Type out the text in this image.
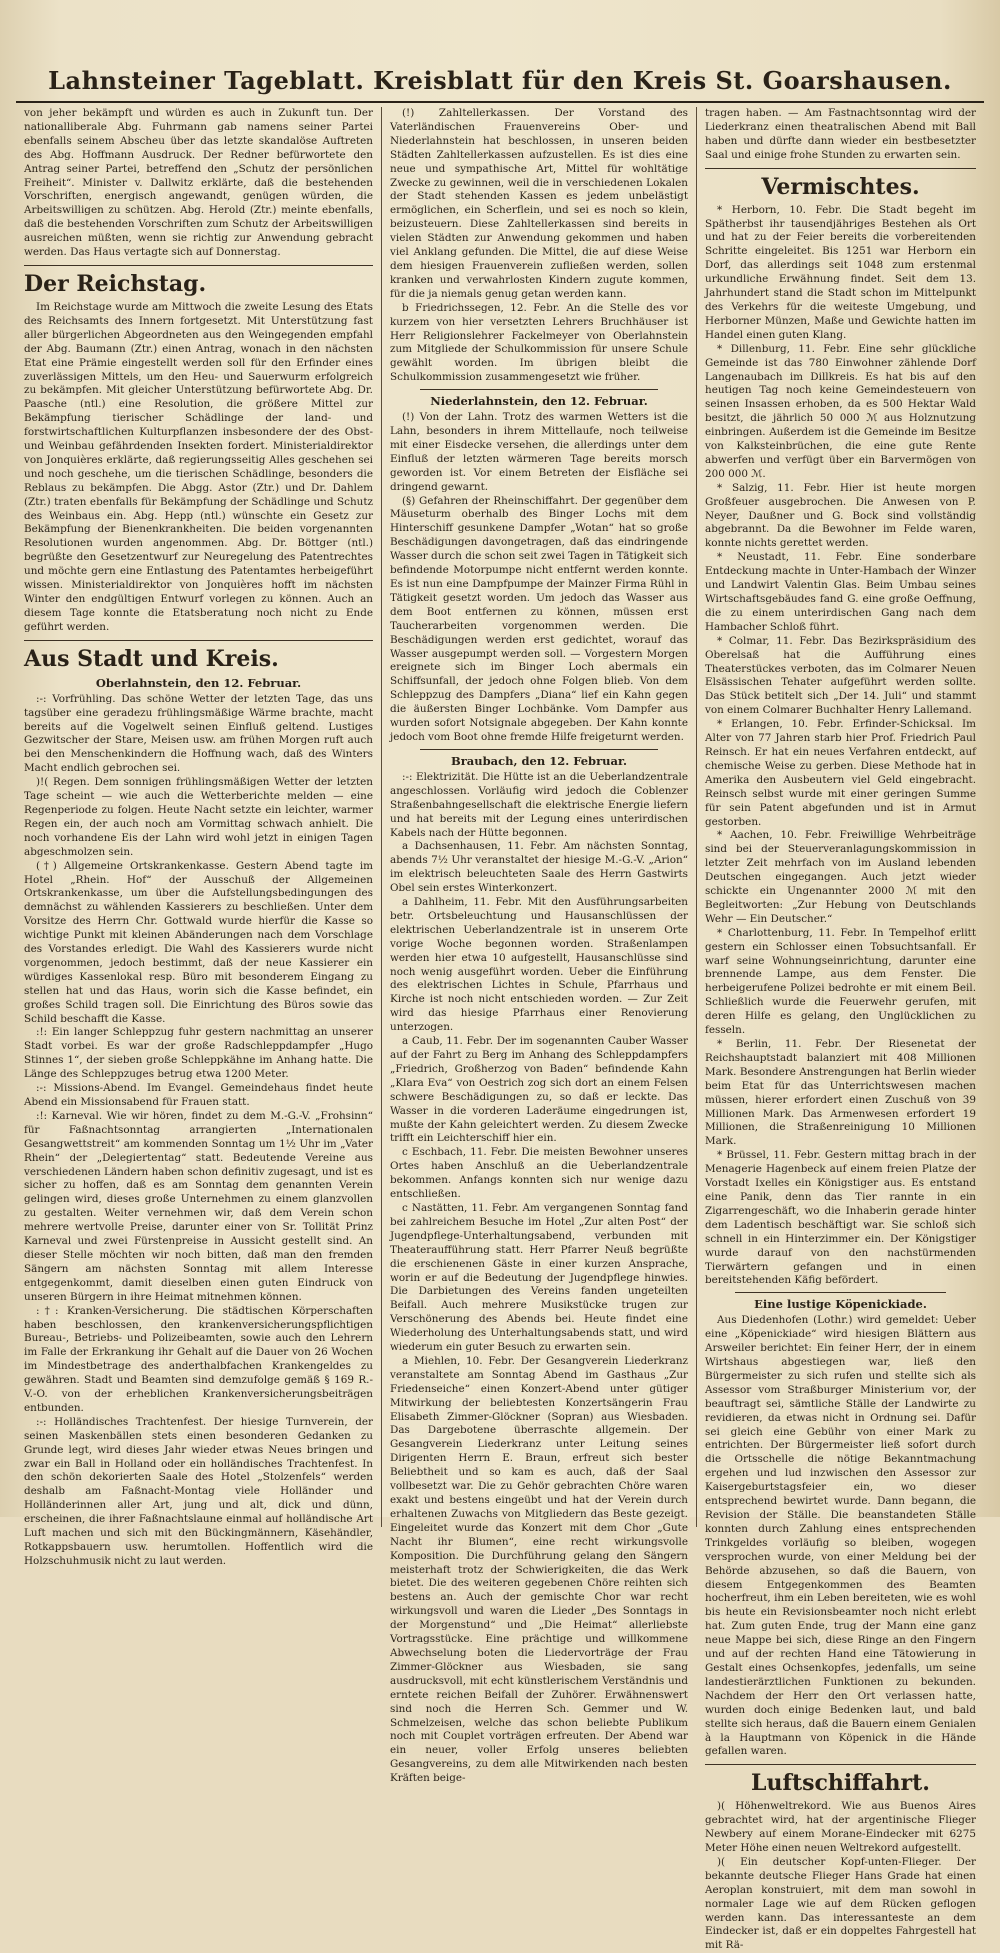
Lahnsteiner Tageblatt. Kreisblatt für den Kreis St. Goarshausen.

von jeher bekämpft und würden es auch in Zukunft tun. Der nationalliberale Abg. Fuhrmann gab namens seiner Partei ebenfalls seinem Abscheu über das letzte skandalöse Auftreten des Abg. Hoffmann Ausdruck. Der Redner befürwortete den Antrag seiner Partei, betreffend den „Schutz der persönlichen Freiheit“. Minister v. Dallwitz erklärte, daß die bestehenden Vorschriften, energisch angewandt, genügen würden, die Arbeitswilligen zu schützen. Abg. Herold (Ztr.) meinte ebenfalls, daß die bestehenden Vorschriften zum Schutz der Arbeitswilligen ausreichen müßten, wenn sie richtig zur Anwendung gebracht werden. Das Haus vertagte sich auf Donnerstag.

Der Reichstag.

Im Reichstage wurde am Mittwoch die zweite Lesung des Etats des Reichsamts des Innern fortgesetzt. Mit Unterstützung fast aller bürgerlichen Abgeordneten aus den Weingegenden empfahl der Abg. Baumann (Ztr.) einen Antrag, wonach in den nächsten Etat eine Prämie eingestellt werden soll für den Erfinder eines zuverlässigen Mittels, um den Heu- und Sauerwurm erfolgreich zu bekämpfen. Mit gleicher Unterstützung befürwortete Abg. Dr. Paasche (ntl.) eine Resolution, die größere Mittel zur Bekämpfung tierischer Schädlinge der land- und forstwirtschaftlichen Kulturpflanzen insbesondere der des Obst- und Weinbau gefährdenden Insekten fordert. Ministerialdirektor von Jonquières erklärte, daß regierungsseitig Alles geschehen sei und noch geschehe, um die tierischen Schädlinge, besonders die Reblaus zu bekämpfen. Die Abgg. Astor (Ztr.) und Dr. Dahlem (Ztr.) traten ebenfalls für Bekämpfung der Schädlinge und Schutz des Weinbaus ein. Abg. Hepp (ntl.) wünschte ein Gesetz zur Bekämpfung der Bienenkrankheiten. Die beiden vorgenannten Resolutionen wurden angenommen. Abg. Dr. Böttger (ntl.) begrüßte den Gesetzentwurf zur Neuregelung des Patentrechtes und möchte gern eine Entlastung des Patentamtes herbeigeführt wissen. Ministerialdirektor von Jonquières hofft im nächsten Winter den endgültigen Entwurf vorlegen zu können. Auch an diesem Tage konnte die Etatsberatung noch nicht zu Ende geführt werden.

Aus Stadt und Kreis.
Oberlahnstein, den 12. Februar.

:-: Vorfrühling. Das schöne Wetter der letzten Tage, das uns tagsüber eine geradezu frühlingsmäßige Wärme brachte, macht bereits auf die Vogelwelt seinen Einfluß geltend. Lustiges Gezwitscher der Stare, Meisen usw. am frühen Morgen ruft auch bei den Menschenkindern die Hoffnung wach, daß des Winters Macht endlich gebrochen sei.

)!( Regen. Dem sonnigen frühlingsmäßigen Wetter der letzten Tage scheint — wie auch die Wetterberichte melden — eine Regenperiode zu folgen. Heute Nacht setzte ein leichter, warmer Regen ein, der auch noch am Vormittag schwach anhielt. Die noch vorhandene Eis der Lahn wird wohl jetzt in einigen Tagen abgeschmolzen sein.

(†) Allgemeine Ortskrankenkasse. Gestern Abend tagte im Hotel „Rhein. Hof“ der Ausschuß der Allgemeinen Ortskrankenkasse, um über die Aufstellungsbedingungen des demnächst zu wählenden Kassierers zu beschließen. Unter dem Vorsitze des Herrn Chr. Gottwald wurde hierfür die Kasse so wichtige Punkt mit kleinen Abänderungen nach dem Vorschlage des Vorstandes erledigt. Die Wahl des Kassierers wurde nicht vorgenommen, jedoch bestimmt, daß der neue Kassierer ein würdiges Kassenlokal resp. Büro mit besonderem Eingang zu stellen hat und das Haus, worin sich die Kasse befindet, ein großes Schild tragen soll. Die Einrichtung des Büros sowie das Schild beschafft die Kasse.

:!: Ein langer Schleppzug fuhr gestern nachmittag an unserer Stadt vorbei. Es war der große Radschleppdampfer „Hugo Stinnes 1“, der sieben große Schleppkähne im Anhang hatte. Die Länge des Schleppzuges betrug etwa 1200 Meter.

:-: Missions-Abend. Im Evangel. Gemeindehaus findet heute Abend ein Missionsabend für Frauen statt.

:!: Karneval. Wie wir hören, findet zu dem M.-G.-V. „Frohsinn“ für Faßnachtsonntag arrangierten „Internationalen Gesangwettstreit“ am kommenden Sonntag um 1½ Uhr im „Vater Rhein“ der „Delegiertentag“ statt. Bedeutende Vereine aus verschiedenen Ländern haben schon definitiv zugesagt, und ist es sicher zu hoffen, daß es am Sonntag dem genannten Verein gelingen wird, dieses große Unternehmen zu einem glanzvollen zu gestalten. Weiter vernehmen wir, daß dem Verein schon mehrere wertvolle Preise, darunter einer von Sr. Tollität Prinz Karneval und zwei Fürstenpreise in Aussicht gestellt sind. An dieser Stelle möchten wir noch bitten, daß man den fremden Sängern am nächsten Sonntag mit allem Interesse entgegenkommt, damit dieselben einen guten Eindruck von unseren Bürgern in ihre Heimat mitnehmen können.

:†: Kranken-Versicherung. Die städtischen Körperschaften haben beschlossen, den krankenversicherungspflichtigen Bureau-, Betriebs- und Polizeibeamten, sowie auch den Lehrern im Falle der Erkrankung ihr Gehalt auf die Dauer von 26 Wochen im Mindestbetrage des anderthalbfachen Krankengeldes zu gewähren. Stadt und Beamten sind demzufolge gemäß § 169 R.-V.-O. von der erheblichen Krankenversicherungsbeiträgen entbunden.

:-: Holländisches Trachtenfest. Der hiesige Turnverein, der seinen Maskenbällen stets einen besonderen Gedanken zu Grunde legt, wird dieses Jahr wieder etwas Neues bringen und zwar ein Ball in Holland oder ein holländisches Trachtenfest. In den schön dekorierten Saale des Hotel „Stolzenfels“ werden deshalb am Faßnacht-Montag viele Holländer und Holländerinnen aller Art, jung und alt, dick und dünn, erscheinen, die ihrer Faßnachtslaune einmal auf holländische Art Luft machen und sich mit den Bückingmännern, Käsehändler, Rotkappsbauern usw. herumtollen. Hoffentlich wird die Holzschuhmusik nicht zu laut werden.

(!) Zahltellerkassen. Der Vorstand des Vaterländischen Frauenvereins Ober- und Niederlahnstein hat beschlossen, in unseren beiden Städten Zahltellerkassen aufzustellen. Es ist dies eine neue und sympathische Art, Mittel für wohltätige Zwecke zu gewinnen, weil die in verschiedenen Lokalen der Stadt stehenden Kassen es jedem unbelästigt ermöglichen, ein Scherflein, und sei es noch so klein, beizusteuern. Diese Zahltellerkassen sind bereits in vielen Städten zur Anwendung gekommen und haben viel Anklang gefunden. Die Mittel, die auf diese Weise dem hiesigen Frauenverein zufließen werden, sollen kranken und verwahrlosten Kindern zugute kommen, für die ja niemals genug getan werden kann.

b Friedrichssegen, 12. Febr. An die Stelle des vor kurzem von hier versetzten Lehrers Bruchhäuser ist Herr Religionslehrer Fackelmeyer von Oberlahnstein zum Mitgliede der Schulkommission für unsere Schule gewählt worden. Im übrigen bleibt die Schulkommission zusammengesetzt wie früher.

Niederlahnstein, den 12. Februar.

(!) Von der Lahn. Trotz des warmen Wetters ist die Lahn, besonders in ihrem Mittellaufe, noch teilweise mit einer Eisdecke versehen, die allerdings unter dem Einfluß der letzten wärmeren Tage bereits morsch geworden ist. Vor einem Betreten der Eisfläche sei dringend gewarnt.

(§) Gefahren der Rheinschiffahrt. Der gegenüber dem Mäuseturm oberhalb des Binger Lochs mit dem Hinterschiff gesunkene Dampfer „Wotan“ hat so große Beschädigungen davongetragen, daß das eindringende Wasser durch die schon seit zwei Tagen in Tätigkeit sich befindende Motorpumpe nicht entfernt werden konnte. Es ist nun eine Dampfpumpe der Mainzer Firma Rühl in Tätigkeit gesetzt worden. Um jedoch das Wasser aus dem Boot entfernen zu können, müssen erst Taucherarbeiten vorgenommen werden. Die Beschädigungen werden erst gedichtet, worauf das Wasser ausgepumpt werden soll. — Vorgestern Morgen ereignete sich im Binger Loch abermals ein Schiffsunfall, der jedoch ohne Folgen blieb. Von dem Schleppzug des Dampfers „Diana“ lief ein Kahn gegen die äußersten Binger Lochbänke. Vom Dampfer aus wurden sofort Notsignale abgegeben. Der Kahn konnte jedoch vom Boot ohne fremde Hilfe freigeturnt werden.

Braubach, den 12. Februar.

:-: Elektrizität. Die Hütte ist an die Ueberlandzentrale angeschlossen. Vorläufig wird jedoch die Coblenzer Straßenbahngesellschaft die elektrische Energie liefern und hat bereits mit der Legung eines unterirdischen Kabels nach der Hütte begonnen.

a Dachsenhausen, 11. Febr. Am nächsten Sonntag, abends 7½ Uhr veranstaltet der hiesige M.-G.-V. „Arion“ im elektrisch beleuchteten Saale des Herrn Gastwirts Obel sein erstes Winterkonzert.

a Dahlheim, 11. Febr. Mit den Ausführungsarbeiten betr. Ortsbeleuchtung und Hausanschlüssen der elektrischen Ueberlandzentrale ist in unserem Orte vorige Woche begonnen worden. Straßenlampen werden hier etwa 10 aufgestellt, Hausanschlüsse sind noch wenig ausgeführt worden. Ueber die Einführung des elektrischen Lichtes in Schule, Pfarrhaus und Kirche ist noch nicht entschieden worden. — Zur Zeit wird das hiesige Pfarrhaus einer Renovierung unterzogen.

a Caub, 11. Febr. Der im sogenannten Cauber Wasser auf der Fahrt zu Berg im Anhang des Schleppdampfers „Friedrich, Großherzog von Baden“ befindende Kahn „Klara Eva“ von Oestrich zog sich dort an einem Felsen schwere Beschädigungen zu, so daß er leckte. Das Wasser in die vorderen Laderäume eingedrungen ist, mußte der Kahn geleichtert werden. Zu diesem Zwecke trifft ein Leichterschiff hier ein.

c Eschbach, 11. Febr. Die meisten Bewohner unseres Ortes haben Anschluß an die Ueberlandzentrale bekommen. Anfangs konnten sich nur wenige dazu entschließen.

c Nastätten, 11. Febr. Am vergangenen Sonntag fand bei zahlreichem Besuche im Hotel „Zur alten Post“ der Jugendpflege-Unterhaltungsabend, verbunden mit Theateraufführung statt. Herr Pfarrer Neuß begrüßte die erschienenen Gäste in einer kurzen Ansprache, worin er auf die Bedeutung der Jugendpflege hinwies. Die Darbietungen des Vereins fanden ungeteilten Beifall. Auch mehrere Musikstücke trugen zur Verschönerung des Abends bei. Heute findet eine Wiederholung des Unterhaltungsabends statt, und wird wiederum ein guter Besuch zu erwarten sein.

a Miehlen, 10. Febr. Der Gesangverein Liederkranz veranstaltete am Sonntag Abend im Gasthaus „Zur Friedenseiche“ einen Konzert-Abend unter gütiger Mitwirkung der beliebtesten Konzertsängerin Frau Elisabeth Zimmer-Glöckner (Sopran) aus Wiesbaden. Das Dargebotene überraschte allgemein. Der Gesangverein Liederkranz unter Leitung seines Dirigenten Herrn E. Braun, erfreut sich bester Beliebtheit und so kam es auch, daß der Saal vollbesetzt war. Die zu Gehör gebrachten Chöre waren exakt und bestens eingeübt und hat der Verein durch erhaltenen Zuwachs von Mitgliedern das Beste gezeigt. Eingeleitet wurde das Konzert mit dem Chor „Gute Nacht ihr Blumen“, eine recht wirkungsvolle Komposition. Die Durchführung gelang den Sängern meisterhaft trotz der Schwierigkeiten, die das Werk bietet. Die des weiteren gegebenen Chöre reihten sich bestens an. Auch der gemischte Chor war recht wirkungsvoll und waren die Lieder „Des Sonntags in der Morgenstund“ und „Die Heimat“ allerliebste Vortragsstücke. Eine prächtige und willkommene Abwechselung boten die Liedervorträge der Frau Zimmer-Glöckner aus Wiesbaden, sie sang ausdrucksvoll, mit echt künstlerischem Verständnis und erntete reichen Beifall der Zuhörer. Erwähnenswert sind noch die Herren Sch. Gemmer und W. Schmelzeisen, welche das schon beliebte Publikum noch mit Couplet vorträgen erfreuten. Der Abend war ein neuer, voller Erfolg unseres beliebten Gesangvereins, zu dem alle Mitwirkenden nach besten Kräften beige-

tragen haben. — Am Fastnachtsonntag wird der Liederkranz einen theatralischen Abend mit Ball haben und dürfte dann wieder ein bestbesetzter Saal und einige frohe Stunden zu erwarten sein.

Vermischtes.

* Herborn, 10. Febr. Die Stadt begeht im Spätherbst ihr tausendjähriges Bestehen als Ort und hat zu der Feier bereits die vorbereitenden Schritte eingeleitet. Bis 1251 war Herborn ein Dorf, das allerdings seit 1048 zum erstenmal urkundliche Erwähnung findet. Seit dem 13. Jahrhundert stand die Stadt schon im Mittelpunkt des Verkehrs für die weiteste Umgebung, und Herborner Münzen, Maße und Gewichte hatten im Handel einen guten Klang.

* Dillenburg, 11. Febr. Eine sehr glückliche Gemeinde ist das 780 Einwohner zählende Dorf Langenaubach im Dillkreis. Es hat bis auf den heutigen Tag noch keine Gemeindesteuern von seinen Insassen erhoben, da es 500 Hektar Wald besitzt, die jährlich 50 000 ℳ aus Holznutzung einbringen. Außerdem ist die Gemeinde im Besitze von Kalksteinbrüchen, die eine gute Rente abwerfen und verfügt über ein Barvermögen von 200 000 ℳ.

* Salzig, 11. Febr. Hier ist heute morgen Großfeuer ausgebrochen. Die Anwesen von P. Neyer, Daußner und G. Bock sind vollständig abgebrannt. Da die Bewohner im Felde waren, konnte nichts gerettet werden.

* Neustadt, 11. Febr. Eine sonderbare Entdeckung machte in Unter-Hambach der Winzer und Landwirt Valentin Glas. Beim Umbau seines Wirtschaftsgebäudes fand G. eine große Oeffnung, die zu einem unterirdischen Gang nach dem Hambacher Schloß führt.

* Colmar, 11. Febr. Das Bezirkspräsidium des Oberelsaß hat die Aufführung eines Theaterstückes verboten, das im Colmarer Neuen Elsässischen Tehater aufgeführt werden sollte. Das Stück betitelt sich „Der 14. Juli“ und stammt von einem Colmarer Buchhalter Henry Lallemand.

* Erlangen, 10. Febr. Erfinder-Schicksal. Im Alter von 77 Jahren starb hier Prof. Friedrich Paul Reinsch. Er hat ein neues Verfahren entdeckt, auf chemische Weise zu gerben. Diese Methode hat in Amerika den Ausbeutern viel Geld eingebracht. Reinsch selbst wurde mit einer geringen Summe für sein Patent abgefunden und ist in Armut gestorben.

* Aachen, 10. Febr. Freiwillige Wehrbeiträge sind bei der Steuerveranlagungskommission in letzter Zeit mehrfach von im Ausland lebenden Deutschen eingegangen. Auch jetzt wieder schickte ein Ungenannter 2000 ℳ mit den Begleitworten: „Zur Hebung von Deutschlands Wehr — Ein Deutscher.“

* Charlottenburg, 11. Febr. In Tempelhof erlitt gestern ein Schlosser einen Tobsuchtsanfall. Er warf seine Wohnungseinrichtung, darunter eine brennende Lampe, aus dem Fenster. Die herbeigerufene Polizei bedrohte er mit einem Beil. Schließlich wurde die Feuerwehr gerufen, mit deren Hilfe es gelang, den Unglücklichen zu fesseln.

* Berlin, 11. Febr. Der Riesenetat der Reichshauptstadt balanziert mit 408 Millionen Mark. Besondere Anstrengungen hat Berlin wieder beim Etat für das Unterrichtswesen machen müssen, hierer erfordert einen Zuschuß von 39 Millionen Mark. Das Armenwesen erfordert 19 Millionen, die Straßenreinigung 10 Millionen Mark.

* Brüssel, 11. Febr. Gestern mittag brach in der Menagerie Hagenbeck auf einem freien Platze der Vorstadt Ixelles ein Königstiger aus. Es entstand eine Panik, denn das Tier rannte in ein Zigarrengeschäft, wo die Inhaberin gerade hinter dem Ladentisch beschäftigt war. Sie schloß sich schnell in ein Hinterzimmer ein. Der Königstiger wurde darauf von den nachstürmenden Tierwärtern gefangen und in einen bereitstehenden Käfig befördert.

Eine lustige Köpenickiade.

Aus Diedenhofen (Lothr.) wird gemeldet: Ueber eine „Köpenickiade“ wird hiesigen Blättern aus Arsweiler berichtet: Ein feiner Herr, der in einem Wirtshaus abgestiegen war, ließ den Bürgermeister zu sich rufen und stellte sich als Assessor vom Straßburger Ministerium vor, der beauftragt sei, sämtliche Ställe der Landwirte zu revidieren, da etwas nicht in Ordnung sei. Dafür sei gleich eine Gebühr von einer Mark zu entrichten. Der Bürgermeister ließ sofort durch die Ortsschelle die nötige Bekanntmachung ergehen und lud inzwischen den Assessor zur Kaisergeburtstagsfeier ein, wo dieser entsprechend bewirtet wurde. Dann begann, die Revision der Ställe. Die beanstandeten Ställe konnten durch Zahlung eines entsprechenden Trinkgeldes vorläufig so bleiben, wogegen versprochen wurde, von einer Meldung bei der Behörde abzusehen, so daß die Bauern, von diesem Entgegenkommen des Beamten hocherfreut, ihm ein Leben bereiteten, wie es wohl bis heute ein Revisionsbeamter noch nicht erlebt hat. Zum guten Ende, trug der Mann eine ganz neue Mappe bei sich, diese Ringe an den Fingern und auf der rechten Hand eine Tätowierung in Gestalt eines Ochsenkopfes, jedenfalls, um seine landestierärztlichen Funktionen zu bekunden. Nachdem der Herr den Ort verlassen hatte, wurden doch einige Bedenken laut, und bald stellte sich heraus, daß die Bauern einem Genialen à la Hauptmann von Köpenick in die Hände gefallen waren.

Luftschiffahrt.

)( Höhenweltrekord. Wie aus Buenos Aires gebrachtet wird, hat der argentinische Flieger Newbery auf einem Morane-Eindecker mit 6275 Meter Höhe einen neuen Weltrekord aufgestellt.

)( Ein deutscher Kopf-unten-Flieger. Der bekannte deutsche Flieger Hans Grade hat einen Aeroplan konstruiert, mit dem man sowohl in normaler Lage wie auf dem Rücken geflogen werden kann. Das interessanteste an dem Eindecker ist, daß er ein doppeltes Fahrgestell hat mit Rä-
